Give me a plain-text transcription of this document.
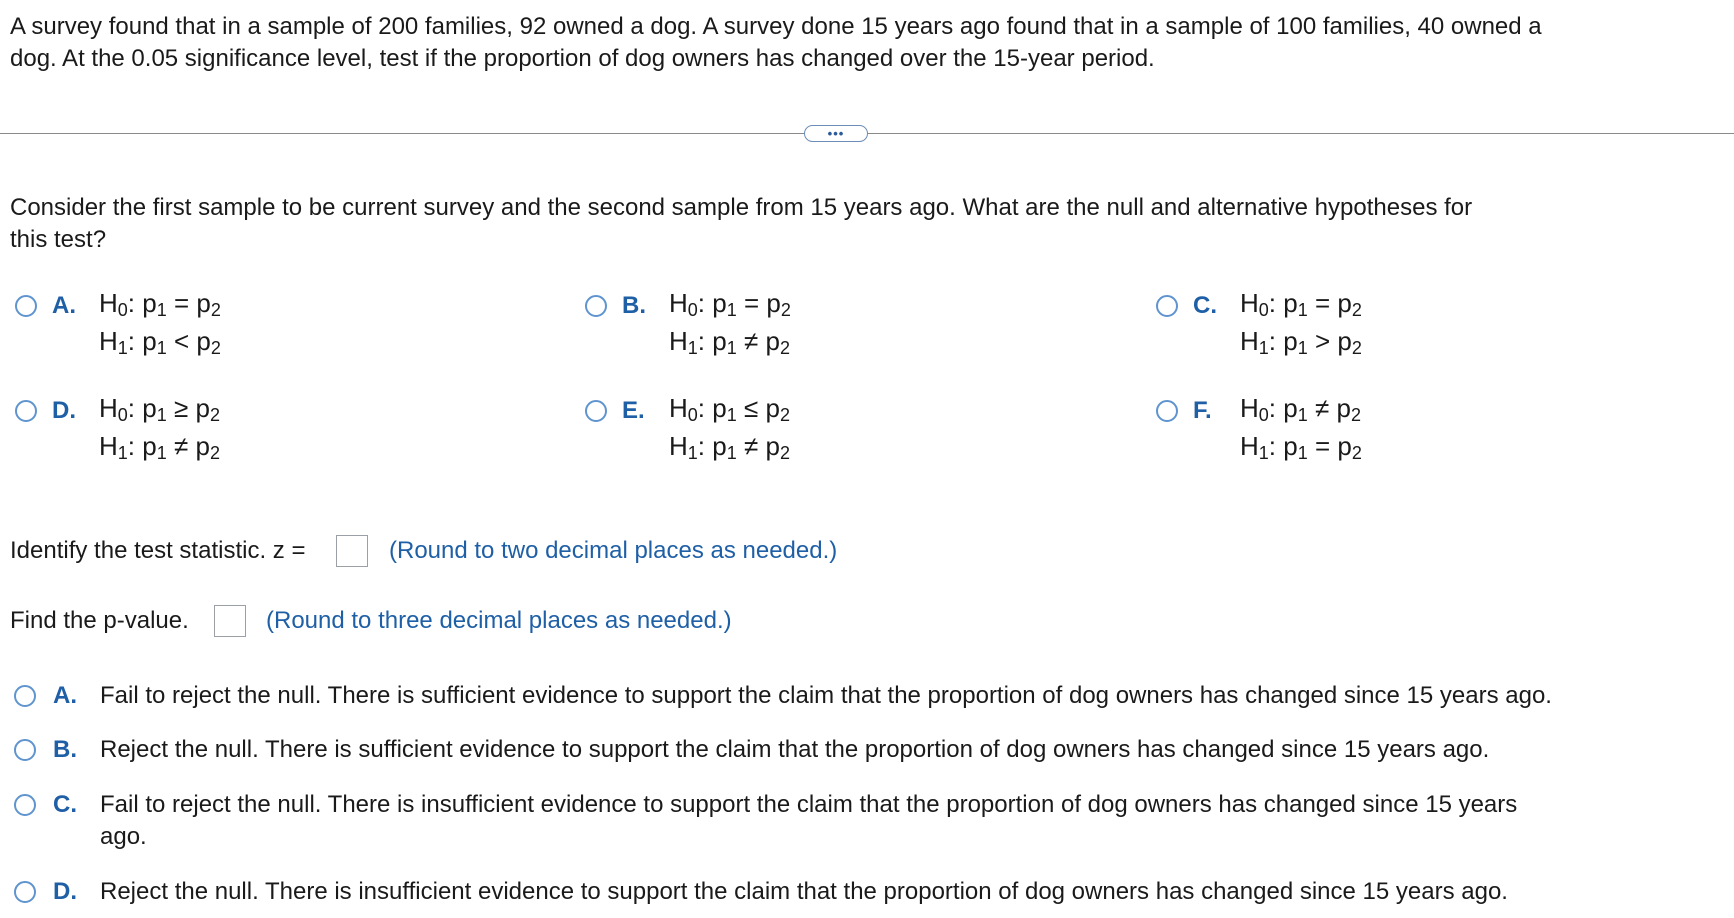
A survey found that in a sample of 200 families, 92 owned a dog. A survey done 15 years ago found that in a sample of 100 families, 40 owned a
dog. At the 0.05 significance level, test if the proportion of dog owners has changed over the 15-year period.
•••
Consider the first sample to be current survey and the second sample from 15 years ago. What are the null and alternative hypotheses for
this test?
A. $H_0$: $p_1 = p_2$
$H_1$: $p_1 < p_2$
B. $H_0$: $p_1 = p_2$
$H_1$: $p_1 \ne p_2$
C. $H_0$: $p_1 = p_2$
$H_1$: $p_1 > p_2$
D. $H_0$: $p_1 \ge p_2$
$H_1$: $p_1 \ne p_2$
E. $H_0$: $p_1 \le p_2$
$H_1$: $p_1 \ne p_2$
F. $H_0$: $p_1 \ne p_2$
$H_1$: $p_1 = p_2$
Identify the test statistic. z =	(Round to two decimal places as needed.)
Find the p-value.	(Round to three decimal places as needed.)
A. Fail to reject the null. There is sufficient evidence to support the claim that the proportion of dog owners has changed since 15 years ago.
B. Reject the null. There is sufficient evidence to support the claim that the proportion of dog owners has changed since 15 years ago.
C. Fail to reject the null. There is insufficient evidence to support the claim that the proportion of dog owners has changed since 15 years
ago.
D. Reject the null. There is insufficient evidence to support the claim that the proportion of dog owners has changed since 15 years ago.
